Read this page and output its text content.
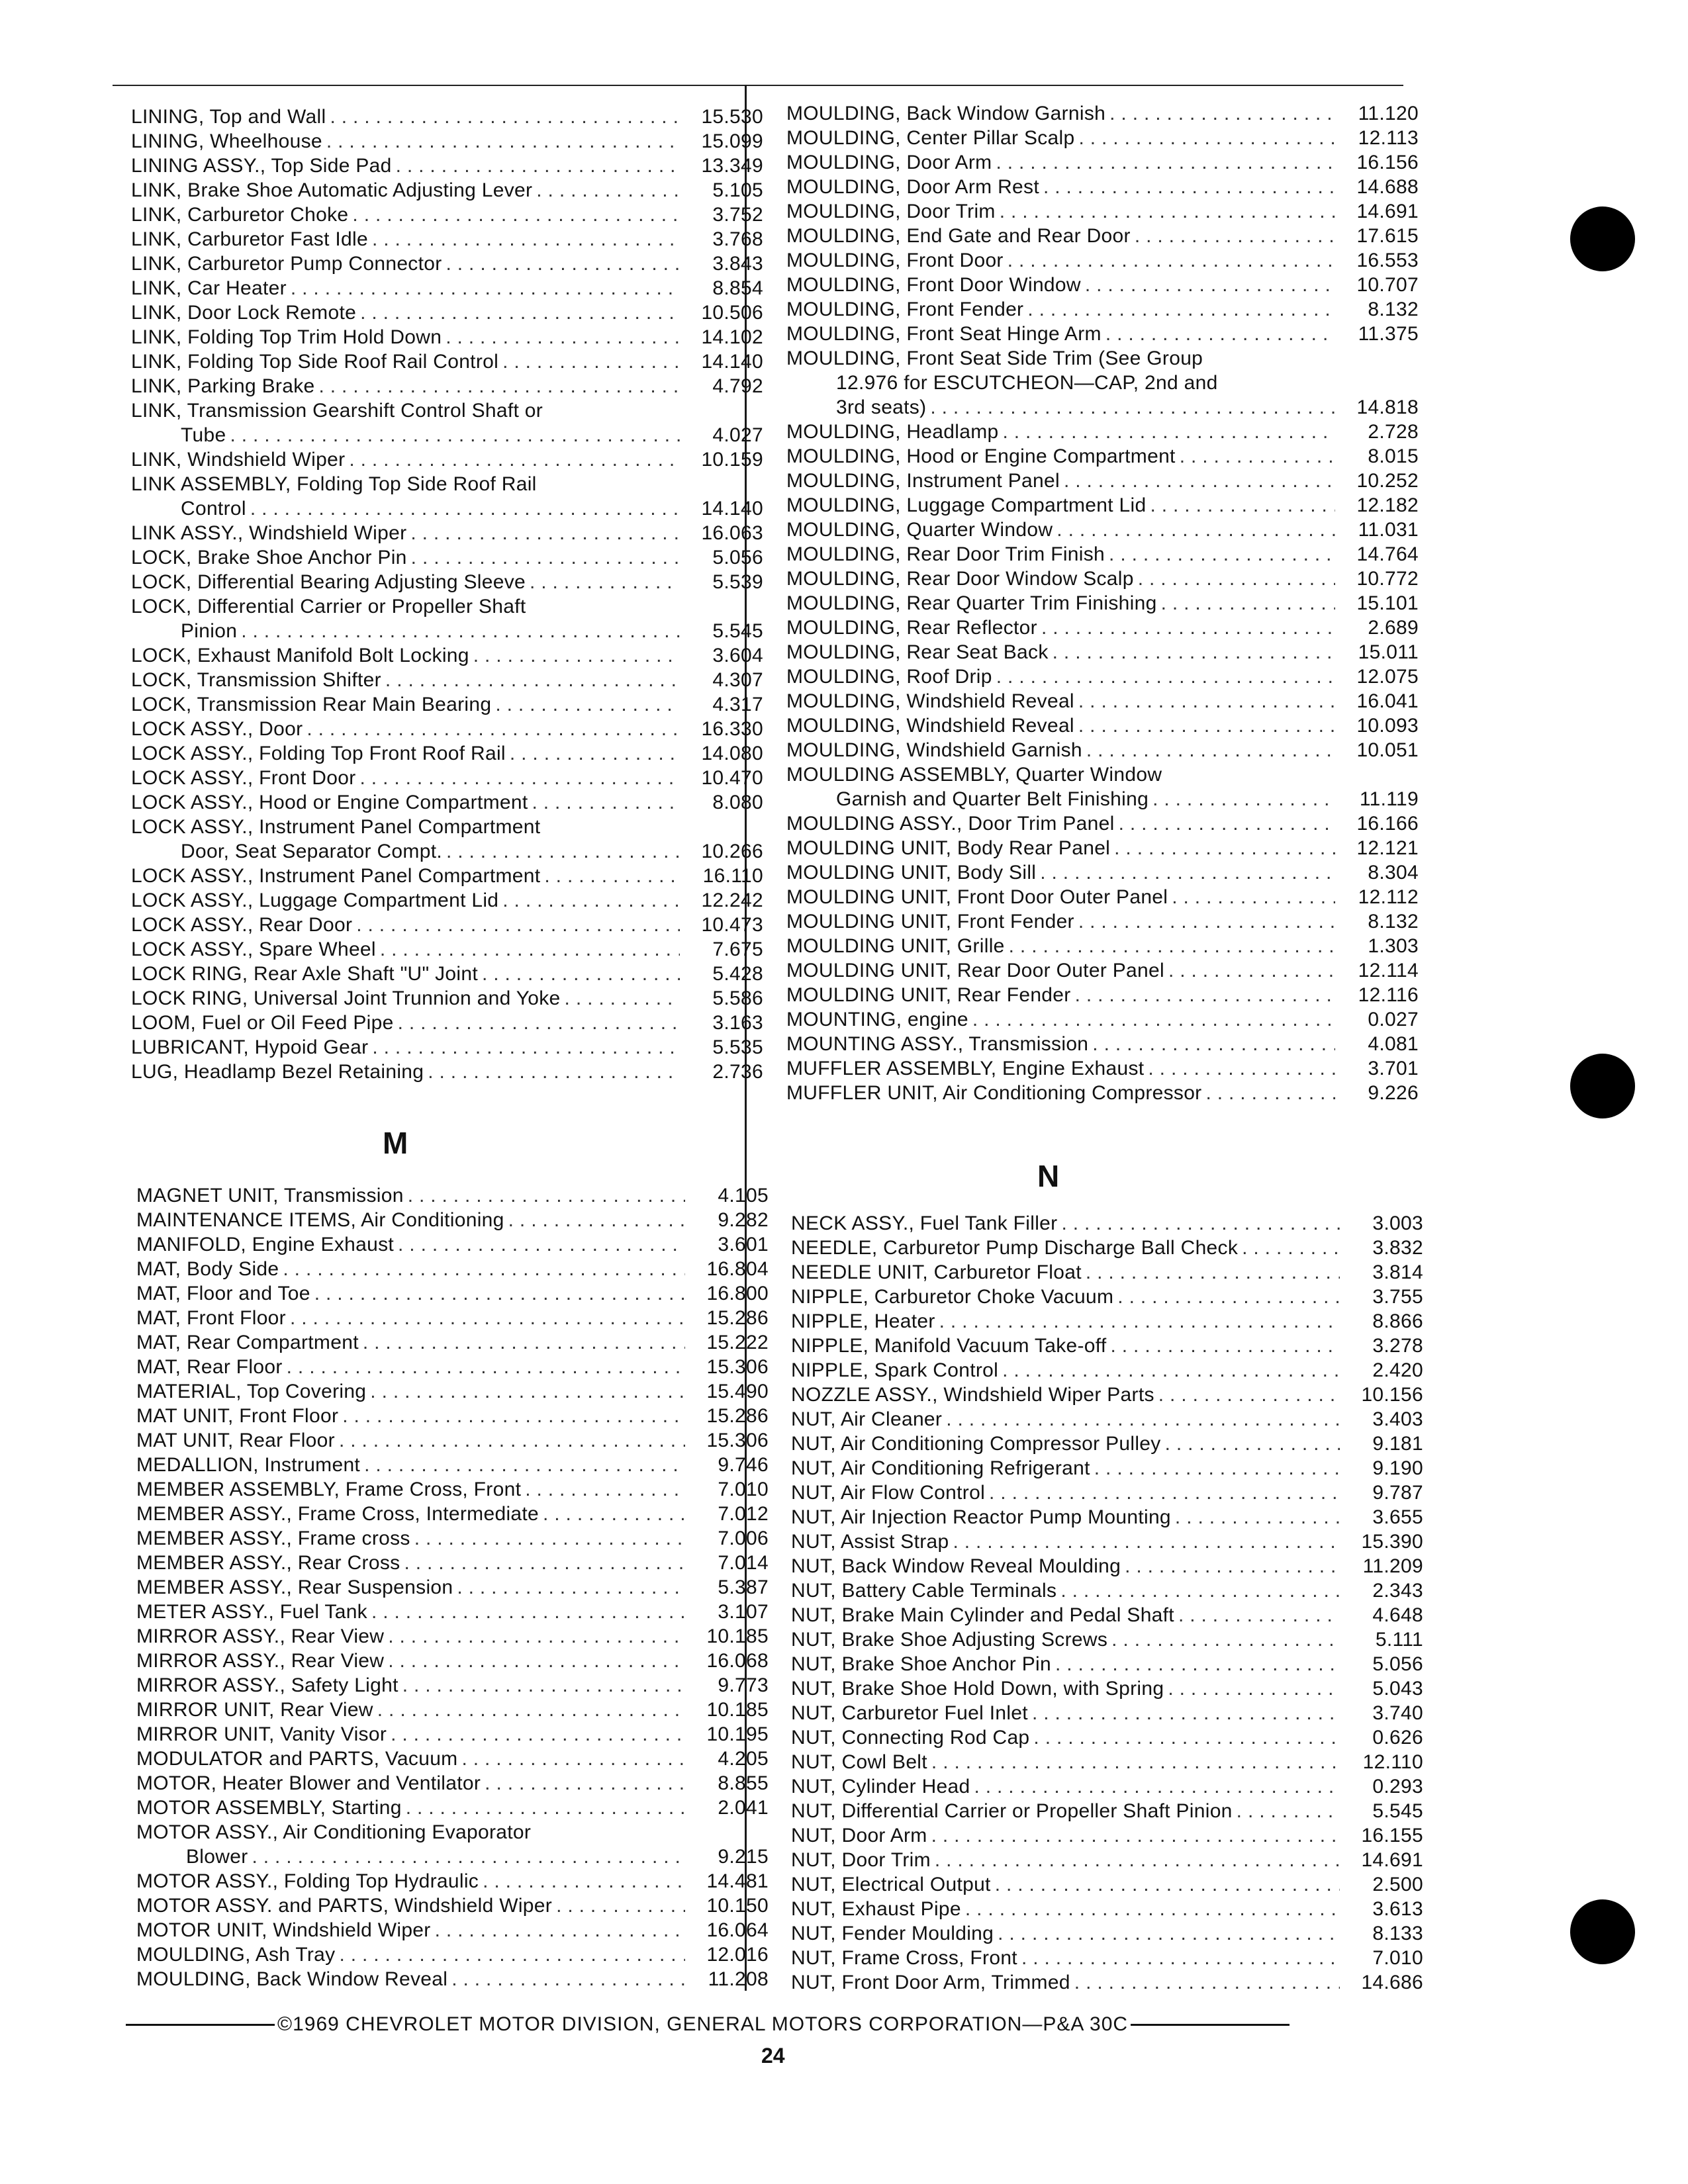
LINING, Top and Wall . . .	15.530
LINING, Wheelhouse . . .	15.099
LINING ASSY., Top Side Pad . . .	13.349
LINK, Brake Shoe Automatic Adjusting Lever . . .	5.105
LINK, Carburetor Choke . . .	3.752
LINK, Carburetor Fast Idle . . .	3.768
LINK, Carburetor Pump Connector . . .	3.843
LINK, Car Heater . . .	8.854
LINK, Door Lock Remote . . .	10.506
LINK, Folding Top Trim Hold Down . . .	14.102
LINK, Folding Top Side Roof Rail Control . . .	14.140
LINK, Parking Brake . . .	4.792
LINK, Transmission Gearshift Control Shaft or
Tube . . .	4.027
LINK, Windshield Wiper . . .	10.159
LINK ASSEMBLY, Folding Top Side Roof Rail
Control . . .	14.140
LINK ASSY., Windshield Wiper . . .	16.063
LOCK, Brake Shoe Anchor Pin . . .	5.056
LOCK, Differential Bearing Adjusting Sleeve . . .	5.539
LOCK, Differential Carrier or Propeller Shaft
Pinion . . .	5.545
LOCK, Exhaust Manifold Bolt Locking . . .	3.604
LOCK, Transmission Shifter . . .	4.307
LOCK, Transmission Rear Main Bearing . . .	4.317
LOCK ASSY., Door . . .	16.330
LOCK ASSY., Folding Top Front Roof Rail . . .	14.080
LOCK ASSY., Front Door . . .	10.470
LOCK ASSY., Hood or Engine Compartment . . .	8.080
LOCK ASSY., Instrument Panel Compartment
Door, Seat Separator Compt. . . .	10.266
LOCK ASSY., Instrument Panel Compartment . . .	16.110
LOCK ASSY., Luggage Compartment Lid . . .	12.242
LOCK ASSY., Rear Door . . .	10.473
LOCK ASSY., Spare Wheel . . .	7.675
LOCK RING, Rear Axle Shaft "U" Joint . . .	5.428
LOCK RING, Universal Joint Trunnion and Yoke . . .	5.586
LOOM, Fuel or Oil Feed Pipe . . .	3.163
LUBRICANT, Hypoid Gear . . .	5.535
LUG, Headlamp Bezel Retaining . . .	2.736
M
MAGNET UNIT, Transmission . . .	4.105
MAINTENANCE ITEMS, Air Conditioning . . .	9.282
MANIFOLD, Engine Exhaust . . .	3.601
MAT, Body Side . . .	16.804
MAT, Floor and Toe . . .	16.800
MAT, Front Floor . . .	15.286
MAT, Rear Compartment . . .	15.222
MAT, Rear Floor . . .	15.306
MATERIAL, Top Covering . . .	15.490
MAT UNIT, Front Floor . . .	15.286
MAT UNIT, Rear Floor . . .	15.306
MEDALLION, Instrument . . .	9.746
MEMBER ASSEMBLY, Frame Cross, Front . . .	7.010
MEMBER ASSY., Frame Cross, Intermediate . . .	7.012
MEMBER ASSY., Frame cross . . .	7.006
MEMBER ASSY., Rear Cross . . .	7.014
MEMBER ASSY., Rear Suspension . . .	5.387
METER ASSY., Fuel Tank . . .	3.107
MIRROR ASSY., Rear View . . .	10.185
MIRROR ASSY., Rear View . . .	16.068
MIRROR ASSY., Safety Light . . .	9.773
MIRROR UNIT, Rear View . . .	10.185
MIRROR UNIT, Vanity Visor . . .	10.195
MODULATOR and PARTS, Vacuum . . .	4.205
MOTOR, Heater Blower and Ventilator . . .	8.855
MOTOR ASSEMBLY, Starting . . .	2.041
MOTOR ASSY., Air Conditioning Evaporator
Blower . . .	9.215
MOTOR ASSY., Folding Top Hydraulic . . .	14.481
MOTOR ASSY. and PARTS, Windshield Wiper . . .	10.150
MOTOR UNIT, Windshield Wiper . . .	16.064
MOULDING, Ash Tray . . .	12.016
MOULDING, Back Window Reveal . . .	11.208
MOULDING, Back Window Garnish . . .	11.120
MOULDING, Center Pillar Scalp . . .	12.113
MOULDING, Door Arm . . .	16.156
MOULDING, Door Arm Rest . . .	14.688
MOULDING, Door Trim . . .	14.691
MOULDING, End Gate and Rear Door . . .	17.615
MOULDING, Front Door . . .	16.553
MOULDING, Front Door Window . . .	10.707
MOULDING, Front Fender . . .	8.132
MOULDING, Front Seat Hinge Arm . . .	11.375
MOULDING, Front Seat Side Trim (See Group
12.976 for ESCUTCHEON—CAP, 2nd and
3rd seats) . . .	14.818
MOULDING, Headlamp . . .	2.728
MOULDING, Hood or Engine Compartment . . .	8.015
MOULDING, Instrument Panel . . .	10.252
MOULDING, Luggage Compartment Lid . . .	12.182
MOULDING, Quarter Window . . .	11.031
MOULDING, Rear Door Trim Finish . . .	14.764
MOULDING, Rear Door Window Scalp . . .	10.772
MOULDING, Rear Quarter Trim Finishing . . .	15.101
MOULDING, Rear Reflector . . .	2.689
MOULDING, Rear Seat Back . . .	15.011
MOULDING, Roof Drip . . .	12.075
MOULDING, Windshield Reveal . . .	16.041
MOULDING, Windshield Reveal . . .	10.093
MOULDING, Windshield Garnish . . .	10.051
MOULDING ASSEMBLY, Quarter Window
Garnish and Quarter Belt Finishing . . .	11.119
MOULDING ASSY., Door Trim Panel . . .	16.166
MOULDING UNIT, Body Rear Panel . . .	12.121
MOULDING UNIT, Body Sill . . .	8.304
MOULDING UNIT, Front Door Outer Panel . . .	12.112
MOULDING UNIT, Front Fender . . .	8.132
MOULDING UNIT, Grille . . .	1.303
MOULDING UNIT, Rear Door Outer Panel . . .	12.114
MOULDING UNIT, Rear Fender . . .	12.116
MOUNTING, engine . . .	0.027
MOUNTING ASSY., Transmission . . .	4.081
MUFFLER ASSEMBLY, Engine Exhaust . . .	3.701
MUFFLER UNIT, Air Conditioning Compressor . . .	9.226
N
NECK ASSY., Fuel Tank Filler . . .	3.003
NEEDLE, Carburetor Pump Discharge Ball Check . . .	3.832
NEEDLE UNIT, Carburetor Float . . .	3.814
NIPPLE, Carburetor Choke Vacuum . . .	3.755
NIPPLE, Heater . . .	8.866
NIPPLE, Manifold Vacuum Take-off . . .	3.278
NIPPLE, Spark Control . . .	2.420
NOZZLE ASSY., Windshield Wiper Parts . . .	10.156
NUT, Air Cleaner . . .	3.403
NUT, Air Conditioning Compressor Pulley . . .	9.181
NUT, Air Conditioning Refrigerant . . .	9.190
NUT, Air Flow Control . . .	9.787
NUT, Air Injection Reactor Pump Mounting . . .	3.655
NUT, Assist Strap . . .	15.390
NUT, Back Window Reveal Moulding . . .	11.209
NUT, Battery Cable Terminals . . .	2.343
NUT, Brake Main Cylinder and Pedal Shaft . . .	4.648
NUT, Brake Shoe Adjusting Screws . . .	5.111
NUT, Brake Shoe Anchor Pin . . .	5.056
NUT, Brake Shoe Hold Down, with Spring . . .	5.043
NUT, Carburetor Fuel Inlet . . .	3.740
NUT, Connecting Rod Cap . . .	0.626
NUT, Cowl Belt . . .	12.110
NUT, Cylinder Head . . .	0.293
NUT, Differential Carrier or Propeller Shaft Pinion . . .	5.545
NUT, Door Arm . . .	16.155
NUT, Door Trim . . .	14.691
NUT, Electrical Output . . .	2.500
NUT, Exhaust Pipe . . .	3.613
NUT, Fender Moulding . . .	8.133
NUT, Frame Cross, Front . . .	7.010
NUT, Front Door Arm, Trimmed . . .	14.686
©1969 CHEVROLET MOTOR DIVISION, GENERAL MOTORS CORPORATION—P&A 30C
24
